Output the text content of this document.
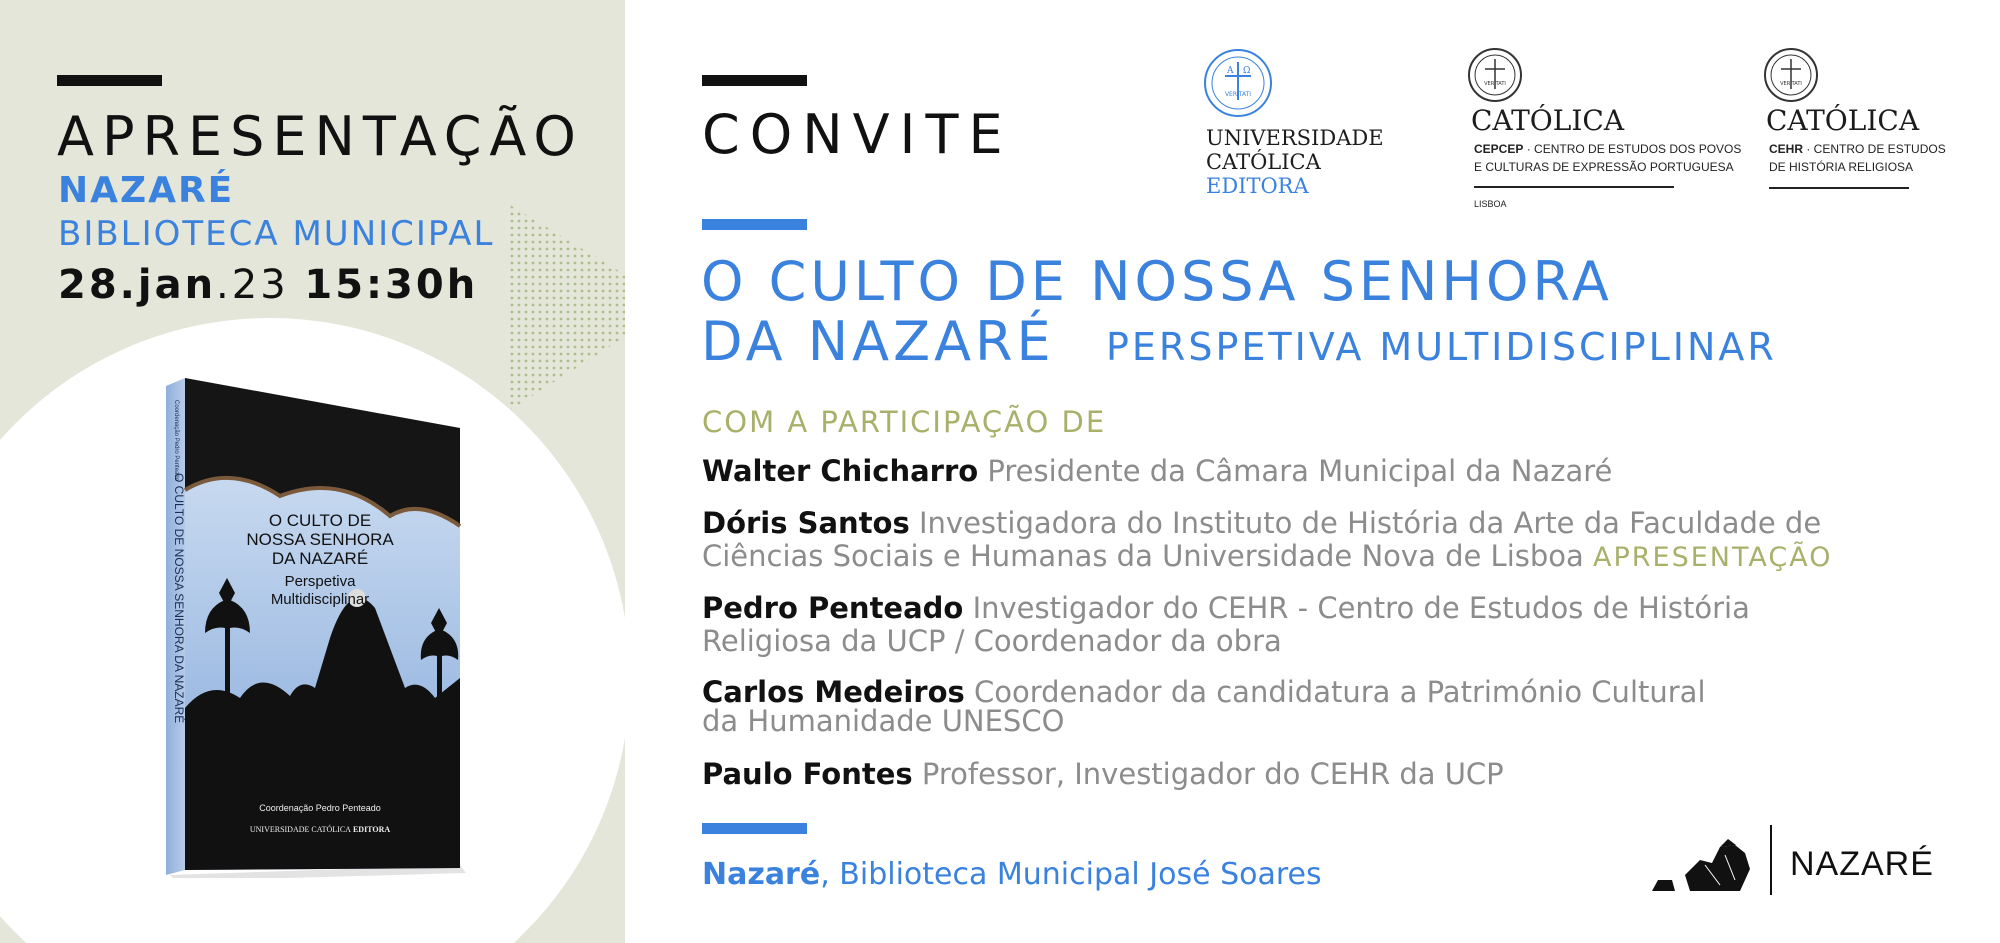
APRESENTAÇÃO
NAZARÉ
BIBLIOTECA MUNICIPAL
28.jan.23 15:30h
O CULTO DE
NOSSA SENHORA
DA NAZARÉ
Perspetiva
Multidisciplinar
Coordenação Pedro Penteado
UNIVERSIDADE CATÓLICA EDITORA
O CULTO DE NOSSA SENHORA DA NAZARÉ
Coordenação Pedro Penteado
CONVITE
O CULTO DE NOSSA SENHORA
DA NAZARÉ PERSPETIVA MULTIDISCIPLINAR
COM A PARTICIPAÇÃO DE
Walter Chicharro Presidente da Câmara Municipal da Nazaré
Dóris Santos Investigadora do Instituto de História da Arte da Faculdade de
Ciências Sociais e Humanas da Universidade Nova de Lisboa APRESENTAÇÃO
Pedro Penteado Investigador do CEHR - Centro de Estudos de História
Religiosa da UCP / Coordenador da obra
Carlos Medeiros Coordenador da candidatura a Património Cultural
da Humanidade UNESCO
Paulo Fontes Professor, Investigador do CEHR da UCP
Nazaré, Biblioteca Municipal José Soares
A Ω
VERITATI
UNIVERSIDADE
CATÓLICA
EDITORA
VERITATI
CATÓLICA
CEPCEP · CENTRO DE ESTUDOS DOS POVOS
E CULTURAS DE EXPRESSÃO PORTUGUESA
LISBOA
VERITATI
CATÓLICA
CEHR · CENTRO DE ESTUDOS
DE HISTÓRIA RELIGIOSA
NAZARÉ
